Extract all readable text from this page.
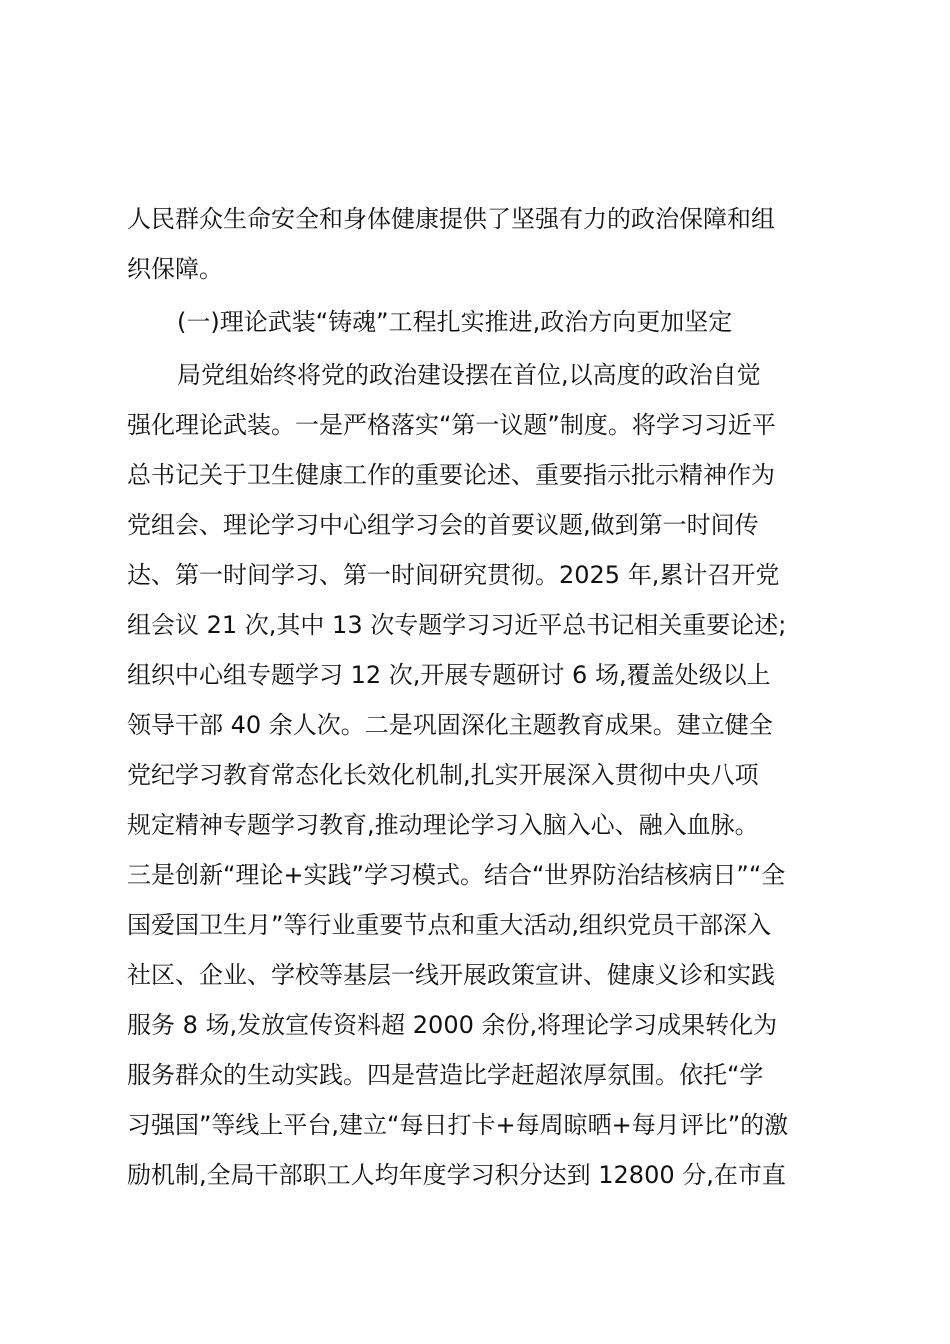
人民群众生命安全和身体健康提供了坚强有力的政治保障和组
织保障。
(一)理论武装“铸魂”工程扎实推进,政治方向更加坚定
局党组始终将党的政治建设摆在首位,以高度的政治自觉
强化理论武装。一是严格落实“第一议题”制度。将学习习近平
总书记关于卫生健康工作的重要论述、重要指示批示精神作为
党组会、理论学习中心组学习会的首要议题,做到第一时间传
达、第一时间学习、第一时间研究贯彻。2025 年,累计召开党
组会议 21 次,其中 13 次专题学习习近平总书记相关重要论述;
组织中心组专题学习 12 次,开展专题研讨 6 场,覆盖处级以上
领导干部 40 余人次。二是巩固深化主题教育成果。建立健全
党纪学习教育常态化长效化机制,扎实开展深入贯彻中央八项
规定精神专题学习教育,推动理论学习入脑入心、融入血脉。
三是创新“理论+实践”学习模式。结合“世界防治结核病日”“全
国爱国卫生月”等行业重要节点和重大活动,组织党员干部深入
社区、企业、学校等基层一线开展政策宣讲、健康义诊和实践
服务 8 场,发放宣传资料超 2000 余份,将理论学习成果转化为
服务群众的生动实践。四是营造比学赶超浓厚氛围。依托“学
习强国”等线上平台,建立“每日打卡+每周晾晒+每月评比”的激
励机制,全局干部职工人均年度学习积分达到 12800 分,在市直
